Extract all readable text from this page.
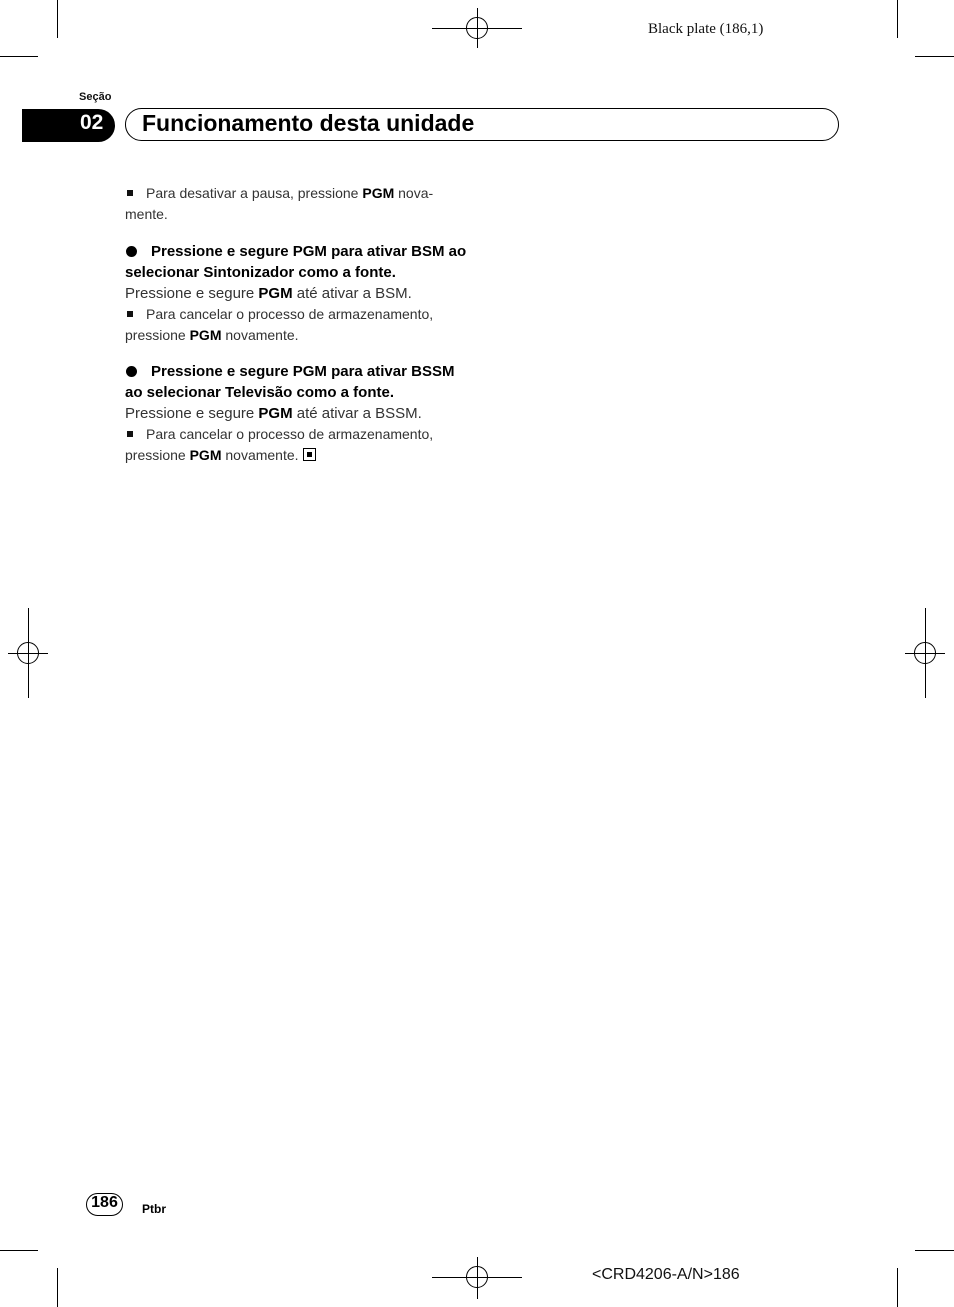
Black plate (186,1)
Seção
02 Funcionamento desta unidade

Para desativar a pausa, pressione PGM nova-mente.

Pressione e segure PGM para ativar BSM ao selecionar Sintonizador como a fonte.

Pressione e segure PGM até ativar a BSM.

Para cancelar o processo de armazenamento, pressione PGM novamente.

Pressione e segure PGM para ativar BSSM ao selecionar Televisão como a fonte.

Pressione e segure PGM até ativar a BSSM.

Para cancelar o processo de armazenamento, pressione PGM novamente.

186	Ptbr
<CRD4206-A/N>186
